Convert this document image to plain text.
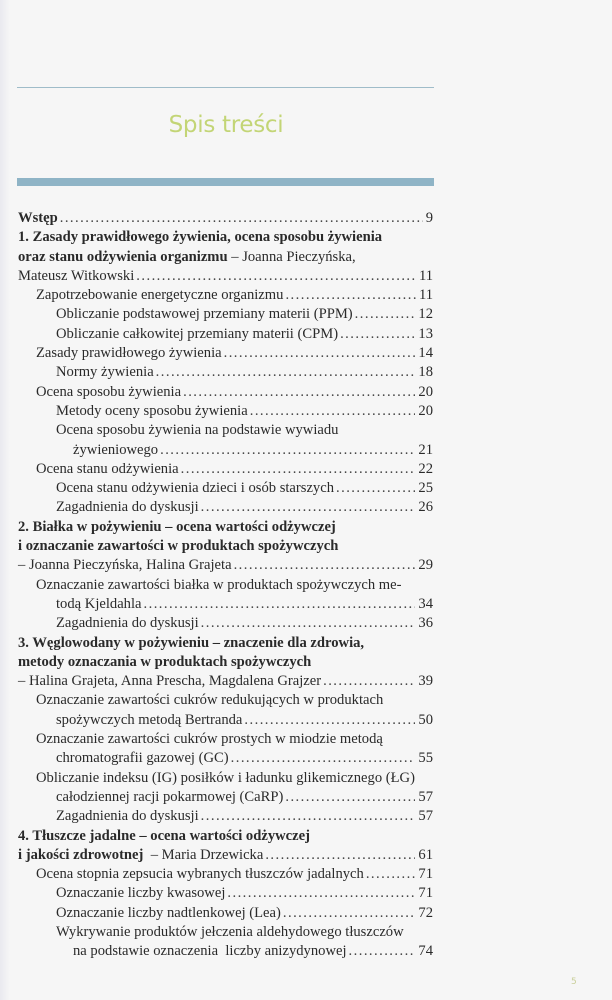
Spis treści
Wstęp . . .	9
1. Zasady prawidłowego żywienia, ocena sposobu żywienia
oraz stanu odżywienia organizmu – Joanna Pieczyńska,
Mateusz Witkowski . . .	11
Zapotrzebowanie energetyczne organizmu . . .	11
Obliczanie podstawowej przemiany materii (PPM) . . .	12
Obliczanie całkowitej przemiany materii (CPM) . . .	13
Zasady prawidłowego żywienia . . .	14
Normy żywienia . . .	18
Ocena sposobu żywienia . . .	20
Metody oceny sposobu żywienia . . .	20
Ocena sposobu żywienia na podstawie wywiadu
żywieniowego . . .	21
Ocena stanu odżywienia . . .	22
Ocena stanu odżywienia dzieci i osób starszych . . .	25
Zagadnienia do dyskusji . . .	26
2. Białka w pożywieniu – ocena wartości odżywczej
i oznaczanie zawartości w produktach spożywczych
– Joanna Pieczyńska, Halina Grajeta . . .	29
Oznaczanie zawartości białka w produktach spożywczych me-
todą Kjeldahla . . .	34
Zagadnienia do dyskusji . . .	36
3. Węglowodany w pożywieniu – znaczenie dla zdrowia,
metody oznaczania w produktach spożywczych
– Halina Grajeta, Anna Prescha, Magdalena Grajzer . . .	39
Oznaczanie zawartości cukrów redukujących w produktach
spożywczych metodą Bertranda . . .	50
Oznaczanie zawartości cukrów prostych w miodzie metodą
chromatografii gazowej (GC) . . .	55
Obliczanie indeksu (IG) posiłków i ładunku glikemicznego (ŁG)
całodziennej racji pokarmowej (CaRP) . . .	57
Zagadnienia do dyskusji . . .	57
4. Tłuszcze jadalne – ocena wartości odżywczej
i jakości zdrowotnej  – Maria Drzewicka . . .	61
Ocena stopnia zepsucia wybranych tłuszczów jadalnych . . .	71
Oznaczanie liczby kwasowej . . .	71
Oznaczanie liczby nadtlenkowej (Lea) . . .	72
Wykrywanie produktów jełczenia aldehydowego tłuszczów
na podstawie oznaczenia  liczby anizydynowej . . .	74
5
